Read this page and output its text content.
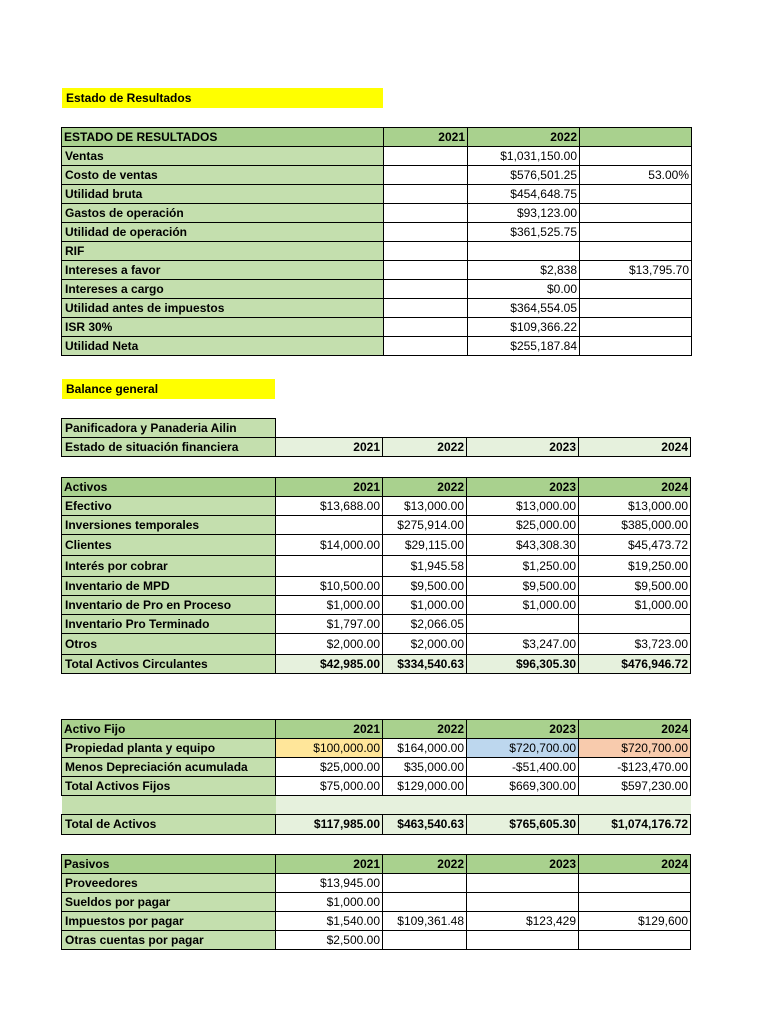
Estado de Resultados
ESTADO DE RESULTADOS	2021	2022	
Ventas		$1,031,150.00	
Costo de ventas		$576,501.25	53.00%
Utilidad bruta		$454,648.75	
Gastos de operación		$93,123.00	
Utilidad de operación		$361,525.75	
RIF			
Intereses a favor		$2,838	$13,795.70
Intereses a cargo		$0.00	
Utilidad antes de impuestos		$364,554.05	
ISR 30%		$109,366.22	
Utilidad Neta		$255,187.84	
Balance general
Panificadora y Panaderia Ailin				
Estado de situación financiera	2021	2022	2023	2024
Activos	2021	2022	2023	2024
Efectivo	$13,688.00	$13,000.00	$13,000.00	$13,000.00
Inversiones temporales		$275,914.00	$25,000.00	$385,000.00
Clientes	$14,000.00	$29,115.00	$43,308.30	$45,473.72
Interés por cobrar		$1,945.58	$1,250.00	$19,250.00
Inventario de MPD	$10,500.00	$9,500.00	$9,500.00	$9,500.00
Inventario de Pro en Proceso	$1,000.00	$1,000.00	$1,000.00	$1,000.00
Inventario Pro Terminado	$1,797.00	$2,066.05		
Otros	$2,000.00	$2,000.00	$3,247.00	$3,723.00
Total Activos Circulantes	$42,985.00	$334,540.63	$96,305.30	$476,946.72
Activo Fijo	2021	2022	2023	2024
Propiedad planta y equipo	$100,000.00	$164,000.00	$720,700.00	$720,700.00
Menos Depreciación acumulada	$25,000.00	$35,000.00	-$51,400.00	-$123,470.00
Total Activos Fijos	$75,000.00	$129,000.00	$669,300.00	$597,230.00

Total de Activos	$117,985.00	$463,540.63	$765,605.30	$1,074,176.72
Pasivos	2021	2022	2023	2024
Proveedores	$13,945.00			
Sueldos por pagar	$1,000.00			
Impuestos por pagar	$1,540.00	$109,361.48	$123,429	$129,600
Otras cuentas por pagar	$2,500.00			
